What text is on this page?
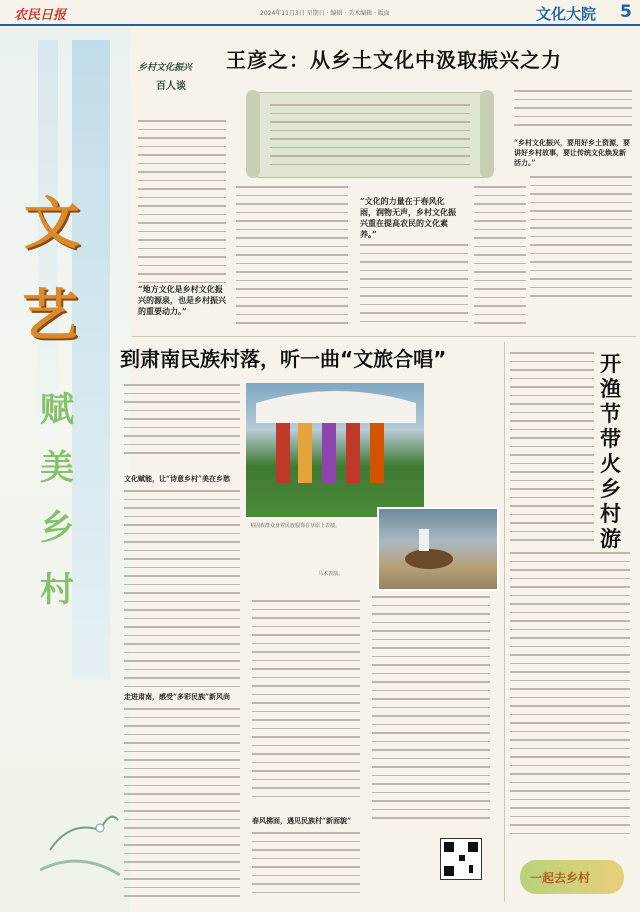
农民日报	2024年11月3日 星期日 · 编辑 · 美术编辑 · 版面	文化大院 5
文
艺
赋
美
乡
村
乡村文化振兴
百人谈
王彦之：从乡土文化中汲取振兴之力
“地方文化是乡村文化振兴的源泉，也是乡村振兴的重要动力。”
“文化的力量在于春风化雨，润物无声，乡村文化振兴重在提高农民的文化素养。”
“乡村文化振兴，要用好乡土资源，要讲好乡村故事，要让传统文化焕发新活力。”
到肃南民族村落，听一曲“文旅合唱”
文化赋能，让“诗意乡村”美在乡愁
走进肃南，感受“多彩民族”新风尚
裕固族群众身着民族服饰在草原上表演。
马术表演。
春风拂面，遇见民族村“新面貌”
开渔节带火乡村游
一起去乡村
